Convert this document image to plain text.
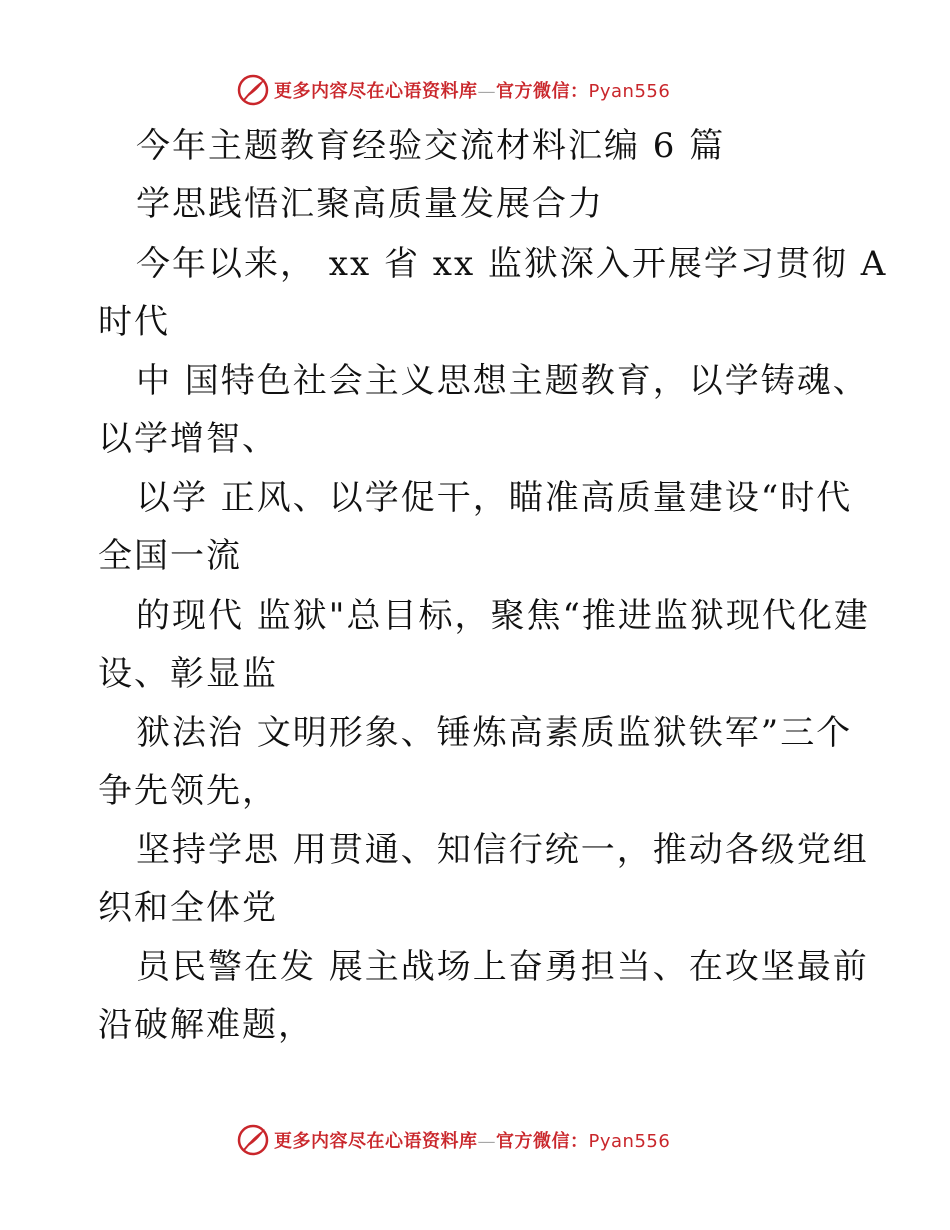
更多内容尽在心语资料库—官方微信：Pyan556
今年主题教育经验交流材料汇编 6 篇
学思践悟汇聚高质量发展合力
今年以来， xx 省 xx 监狱深入开展学习贯彻 A
时代
中 国特色社会主义思想主题教育，以学铸魂、
以学增智、
以学 正风、以学促干，瞄准高质量建设“时代
全国一流
的现代 监狱"总目标，聚焦“推进监狱现代化建
设、彰显监
狱法治 文明形象、锤炼高素质监狱铁军”三个
争先领先，
坚持学思 用贯通、知信行统一，推动各级党组
织和全体党
员民警在发 展主战场上奋勇担当、在攻坚最前
沿破解难题，
更多内容尽在心语资料库—官方微信：Pyan556
